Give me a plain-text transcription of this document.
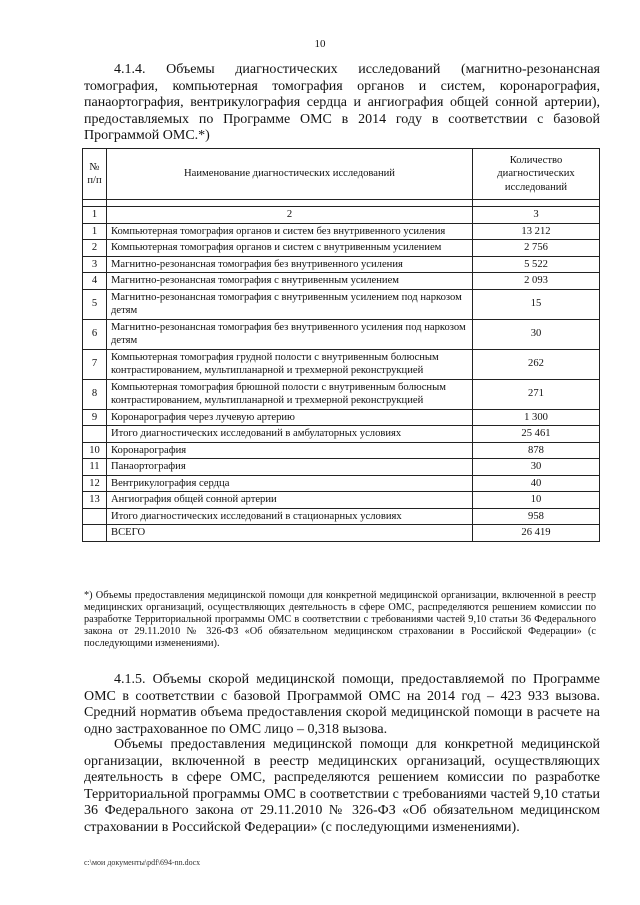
10

4.1.4. Объемы диагностических исследований (магнитно-резонансная томография, компьютерная томография органов и систем, коронарография, панаортография, вентрикулография сердца и ангиография общей сонной артерии), предоставляемых по Программе ОМС в 2014 году в соответствии с базовой Программой ОМС.*)

№ п/п	Наименование диагностических исследований	Количество диагностических исследований

1	2	3
1	Компьютерная томография органов и систем без внутривенного усиления	13 212
2	Компьютерная томография органов и систем с внутривенным усилением	2 756
3	Магнитно-резонансная томография без внутривенного усиления	5 522
4	Магнитно-резонансная томография с внутривенным усилением	2 093
5	Магнитно-резонансная томография с внутривенным усилением под наркозом детям	15
6	Магнитно-резонансная томография без внутривенного усиления под наркозом детям	30
7	Компьютерная томография грудной полости с внутривенным болюсным контрастированием, мультипланарной и трехмерной реконструкцией	262
8	Компьютерная томография брюшной полости с внутривенным болюсным контрастированием, мультипланарной и трехмерной реконструкцией	271
9	Коронарография через лучевую артерию	1 300
	Итого диагностических исследований в амбулаторных условиях	25 461
10	Коронарография	878
11	Панаортография	30
12	Вентрикулография сердца	40
13	Ангиография общей сонной артерии	10
	Итого диагностических исследований в стационарных условиях	958
	ВСЕГО	26 419

*) Объемы предоставления медицинской помощи для конкретной медицинской организации, включенной в реестр медицинских организаций, осуществляющих деятельность в сфере ОМС, распределяются решением комиссии по разработке Территориальной программы ОМС в соответствии с требованиями частей 9,10 статьи 36 Федерального закона от 29.11.2010 № 326-ФЗ «Об обязательном медицинском страховании в Российской Федерации» (с последующими изменениями).

4.1.5. Объемы скорой медицинской помощи, предоставляемой по Программе ОМС в соответствии с базовой Программой ОМС на 2014 год – 423 933 вызова. Средний норматив объема предоставления скорой медицинской помощи в расчете на одно застрахованное по ОМС лицо – 0,318 вызова.

Объемы предоставления медицинской помощи для конкретной медицинской организации, включенной в реестр медицинских организаций, осуществляющих деятельность в сфере ОМС, распределяются решением комиссии по разработке Территориальной программы ОМС в соответствии с требованиями частей 9,10 статьи 36 Федерального закона от 29.11.2010 № 326-ФЗ «Об обязательном медицинском страховании в Российской Федерации» (с последующими изменениями).

c:\мои документы\pdf\694-nn.docx
